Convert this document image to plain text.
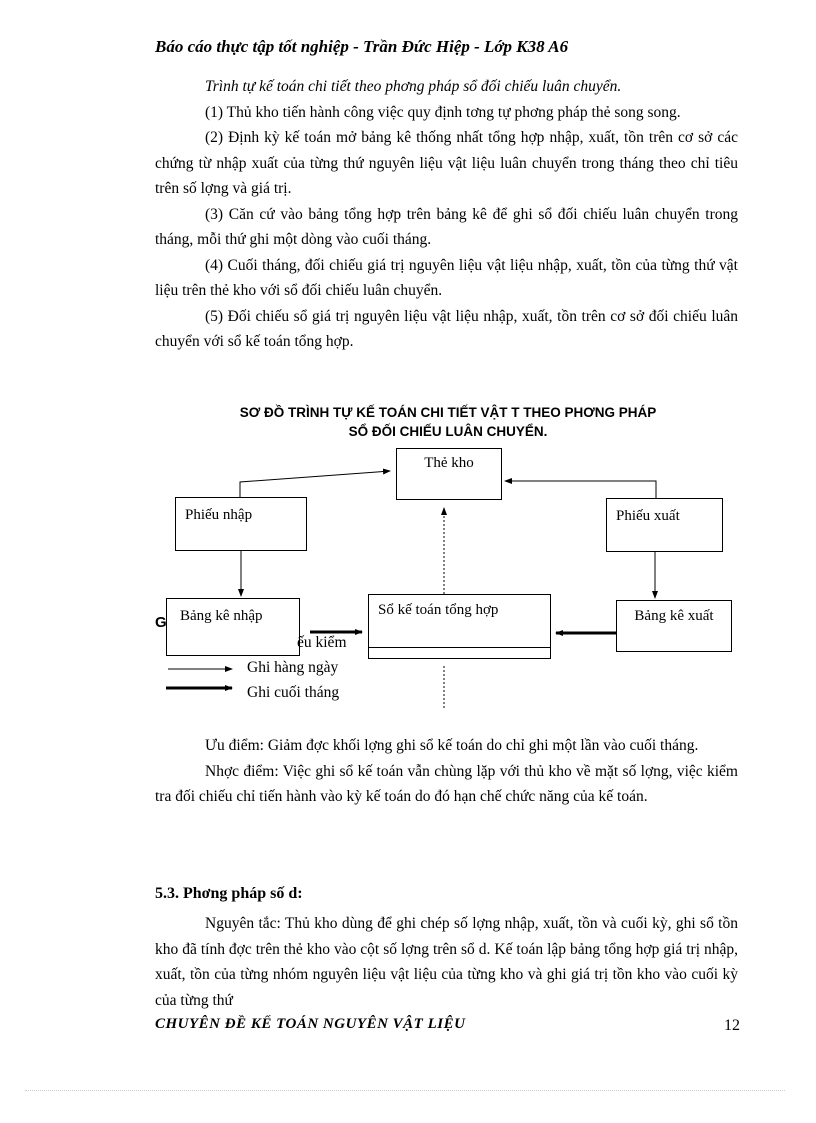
Báo cáo thực tập tốt nghiệp - Trần Đức Hiệp - Lớp K38 A6

Trình tự kế toán chi tiết theo phơng pháp sổ đối chiếu luân chuyển.

(1) Thủ kho tiến hành công việc quy định tơng tự phơng pháp thẻ song song.

(2) Định kỳ kế toán mở bảng kê thống nhất tổng hợp nhập, xuất, tồn trên cơ sở các chứng từ nhập xuất của từng thứ nguyên liệu vật liệu luân chuyển trong tháng theo chỉ tiêu trên số lợng và giá trị.

(3) Căn cứ vào bảng tổng hợp trên bảng kê để ghi sổ đối chiếu luân chuyển trong tháng, mỗi thứ ghi một dòng vào cuối tháng.

(4) Cuối tháng, đối chiếu giá trị nguyên liệu vật liệu nhập, xuất, tồn của từng thứ vật liệu trên thẻ kho với sổ đối chiếu luân chuyển.

(5) Đối chiếu sổ giá trị nguyên liệu vật liệu nhập, xuất, tồn trên cơ sở đối chiếu luân chuyển với sổ kế toán tổng hợp.

SƠ ĐỒ TRÌNH TỰ KẾ TOÁN CHI TIẾT VẬT T THEO PHƠNG PHÁP
SỔ ĐỐI CHIẾU LUÂN CHUYỂN.
Thẻ kho
Phiếu nhập	Phiếu xuất
Bảng kê nhập	Sổ kế toán tổng hợp	Bảng kê xuất
G
ếu kiểm
Ghi hàng ngày
Ghi cuối tháng

Ưu điểm: Giảm đợc khối lợng ghi sổ kế toán do chỉ ghi một lần vào cuối tháng.

Nhợc điểm: Việc ghi sổ kế toán vẫn chùng lặp với thủ kho về mặt số lợng, việc kiểm tra đối chiếu chỉ tiến hành vào kỳ kế toán do đó hạn chế chức năng của kế toán.

5.3. Phơng pháp số d:

Nguyên tắc: Thủ kho dùng để ghi chép số lợng nhập, xuất, tồn và cuối kỳ, ghi sổ tồn kho đã tính đợc trên thẻ kho vào cột số lợng trên sổ d. Kế toán lập bảng tổng hợp giá trị nhập, xuất, tồn của từng nhóm nguyên liệu vật liệu của từng kho và ghi giá trị tồn kho vào cuối kỳ của từng thứ

CHUYÊN ĐỀ KẾ TOÁN NGUYÊN VẬT LIỆU	12
